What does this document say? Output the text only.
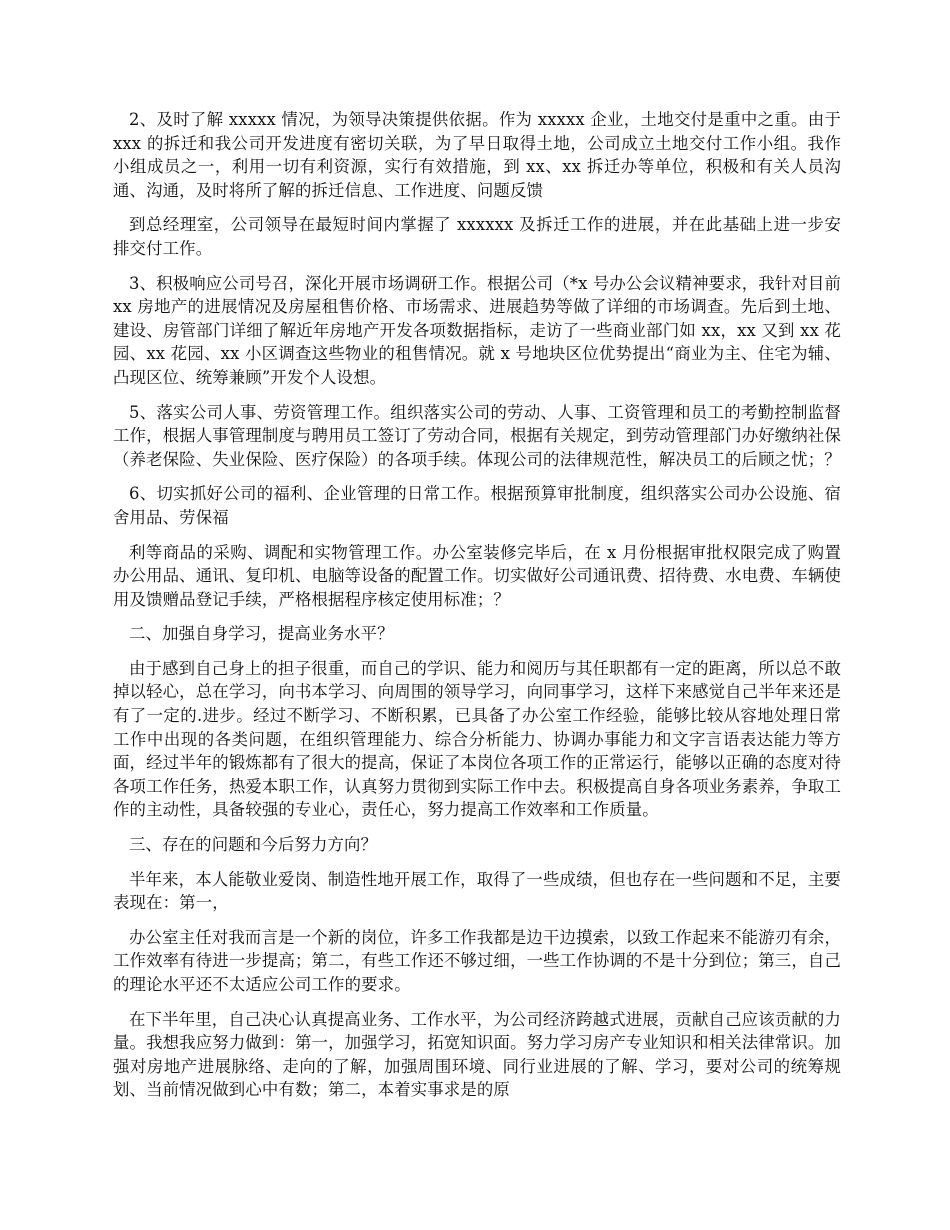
2、及时了解 xxxxx 情况，为领导决策提供依据。作为 xxxxx 企业，土地交付是重中之重。由于 xxx 的拆迁和我公司开发进度有密切关联，为了早日取得土地，公司成立土地交付工作小组。我作小组成员之一，利用一切有利资源，实行有效措施，到 xx、xx 拆迁办等单位，积极和有关人员沟通、沟通，及时将所了解的拆迁信息、工作进度、问题反馈

到总经理室，公司领导在最短时间内掌握了 xxxxxx 及拆迁工作的进展，并在此基础上进一步安排交付工作。

3、积极响应公司号召，深化开展市场调研工作。根据公司（*x 号办公会议精神要求，我针对目前 xx 房地产的进展情况及房屋租售价格、市场需求、进展趋势等做了详细的市场调查。先后到土地、建设、房管部门详细了解近年房地产开发各项数据指标，走访了一些商业部门如 xx，xx 又到 xx 花园、xx 花园、xx 小区调查这些物业的租售情况。就 x 号地块区位优势提出“商业为主、住宅为辅、凸现区位、统筹兼顾”开发个人设想。

5、落实公司人事、劳资管理工作。组织落实公司的劳动、人事、工资管理和员工的考勤控制监督工作，根据人事管理制度与聘用员工签订了劳动合同，根据有关规定，到劳动管理部门办好缴纳社保（养老保险、失业保险、医疗保险）的各项手续。体现公司的法律规范性，解决员工的后顾之忧；？

6、切实抓好公司的福利、企业管理的日常工作。根据预算审批制度，组织落实公司办公设施、宿舍用品、劳保福

利等商品的采购、调配和实物管理工作。办公室装修完毕后，在 x 月份根据审批权限完成了购置办公用品、通讯、复印机、电脑等设备的配置工作。切实做好公司通讯费、招待费、水电费、车辆使用及馈赠品登记手续，严格根据程序核定使用标准；？

二、加强自身学习，提高业务水平？

由于感到自己身上的担子很重，而自己的学识、能力和阅历与其任职都有一定的距离，所以总不敢掉以轻心，总在学习，向书本学习、向周围的领导学习，向同事学习，这样下来感觉自己半年来还是有了一定的.进步。经过不断学习、不断积累，已具备了办公室工作经验，能够比较从容地处理日常工作中出现的各类问题，在组织管理能力、综合分析能力、协调办事能力和文字言语表达能力等方面，经过半年的锻炼都有了很大的提高，保证了本岗位各项工作的正常运行，能够以正确的态度对待各项工作任务，热爱本职工作，认真努力贯彻到实际工作中去。积极提高自身各项业务素养，争取工作的主动性，具备较强的专业心，责任心，努力提高工作效率和工作质量。

三、存在的问题和今后努力方向？

半年来，本人能敬业爱岗、制造性地开展工作，取得了一些成绩，但也存在一些问题和不足，主要表现在：第一，

办公室主任对我而言是一个新的岗位，许多工作我都是边干边摸索，以致工作起来不能游刃有余，工作效率有待进一步提高；第二，有些工作还不够过细，一些工作协调的不是十分到位；第三，自己的理论水平还不太适应公司工作的要求。

在下半年里，自己决心认真提高业务、工作水平，为公司经济跨越式进展，贡献自己应该贡献的力量。我想我应努力做到：第一，加强学习，拓宽知识面。努力学习房产专业知识和相关法律常识。加强对房地产进展脉络、走向的了解，加强周围环境、同行业进展的了解、学习，要对公司的统筹规划、当前情况做到心中有数；第二，本着实事求是的原
